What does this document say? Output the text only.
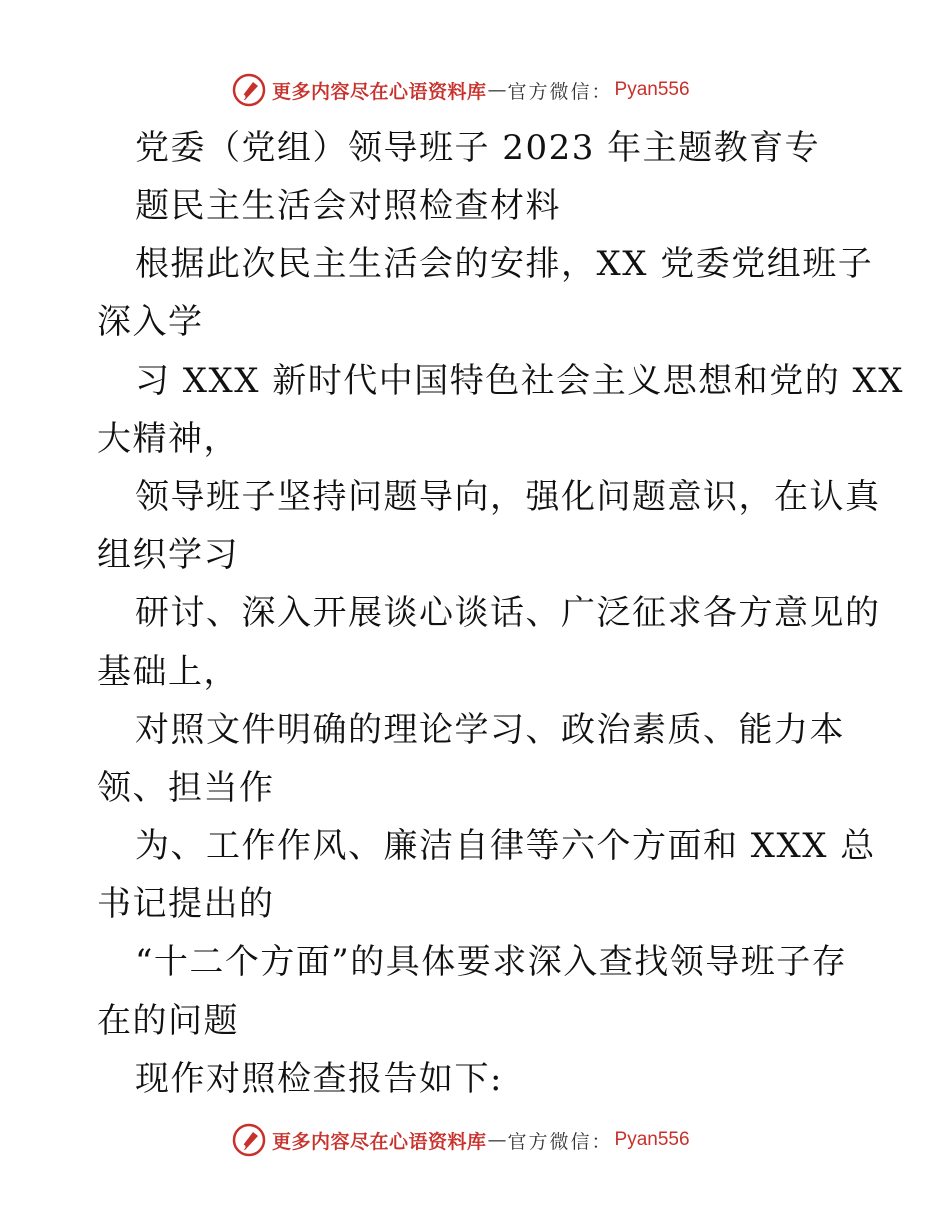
更多内容尽在心语资料库 — 官方微信： Pyan556
党委（党组）领导班子 2023 年主题教育专
题民主生活会对照检查材料
根据此次民主生活会的安排，XX 党委党组班子
深入学
习 XXX 新时代中国特色社会主义思想和党的 XX
大精神，
领导班子坚持问题导向，强化问题意识，在认真
组织学习
研讨、深入开展谈心谈话、广泛征求各方意见的
基础上，
对照文件明确的理论学习、政治素质、能力本
领、担当作
为、工作作风、廉洁自律等六个方面和 XXX 总
书记提出的
“十二个方面”的具体要求深入查找领导班子存
在的问题
现作对照检查报告如下:
更多内容尽在心语资料库 — 官方微信： Pyan556
